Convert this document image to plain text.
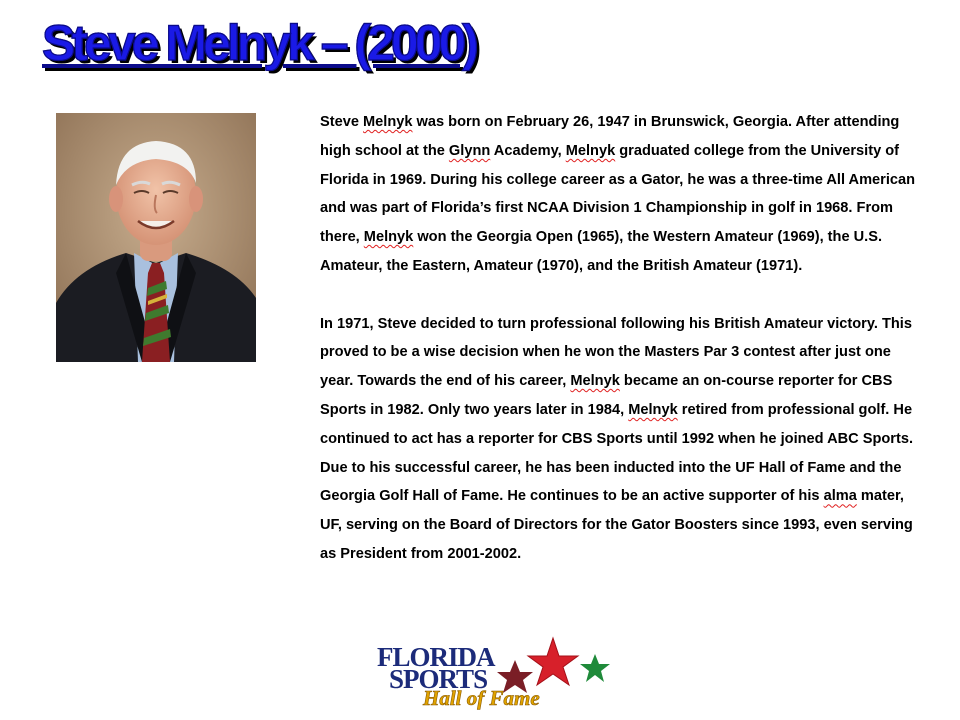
Steve Melnyk – (2000)

Steve Melnyk was born on February 26, 1947 in Brunswick, Georgia. After attending high school at the Glynn Academy, Melnyk graduated college from the University of Florida in 1969. During his college career as a Gator, he was a three-time All American and was part of Florida’s first NCAA Division 1 Championship in golf in 1968. From there, Melnyk won the Georgia Open (1965), the Western Amateur (1969), the U.S. Amateur, the Eastern, Amateur (1970), and the British Amateur (1971).

In 1971, Steve decided to turn professional following his British Amateur victory. This proved to be a wise decision when he won the Masters Par 3 contest after just one year. Towards the end of his career, Melnyk became an on-course reporter for CBS Sports in 1982. Only two years later in 1984, Melnyk retired from professional golf. He continued to act has a reporter for CBS Sports until 1992 when he joined ABC Sports. Due to his successful career, he has been inducted into the UF Hall of Fame and the Georgia Golf Hall of Fame. He continues to be an active supporter of his alma mater, UF, serving on the Board of Directors for the Gator Boosters since 1993, even serving as President from 2001-2002.

FLORIDA
SPORTS
Hall of Fame
